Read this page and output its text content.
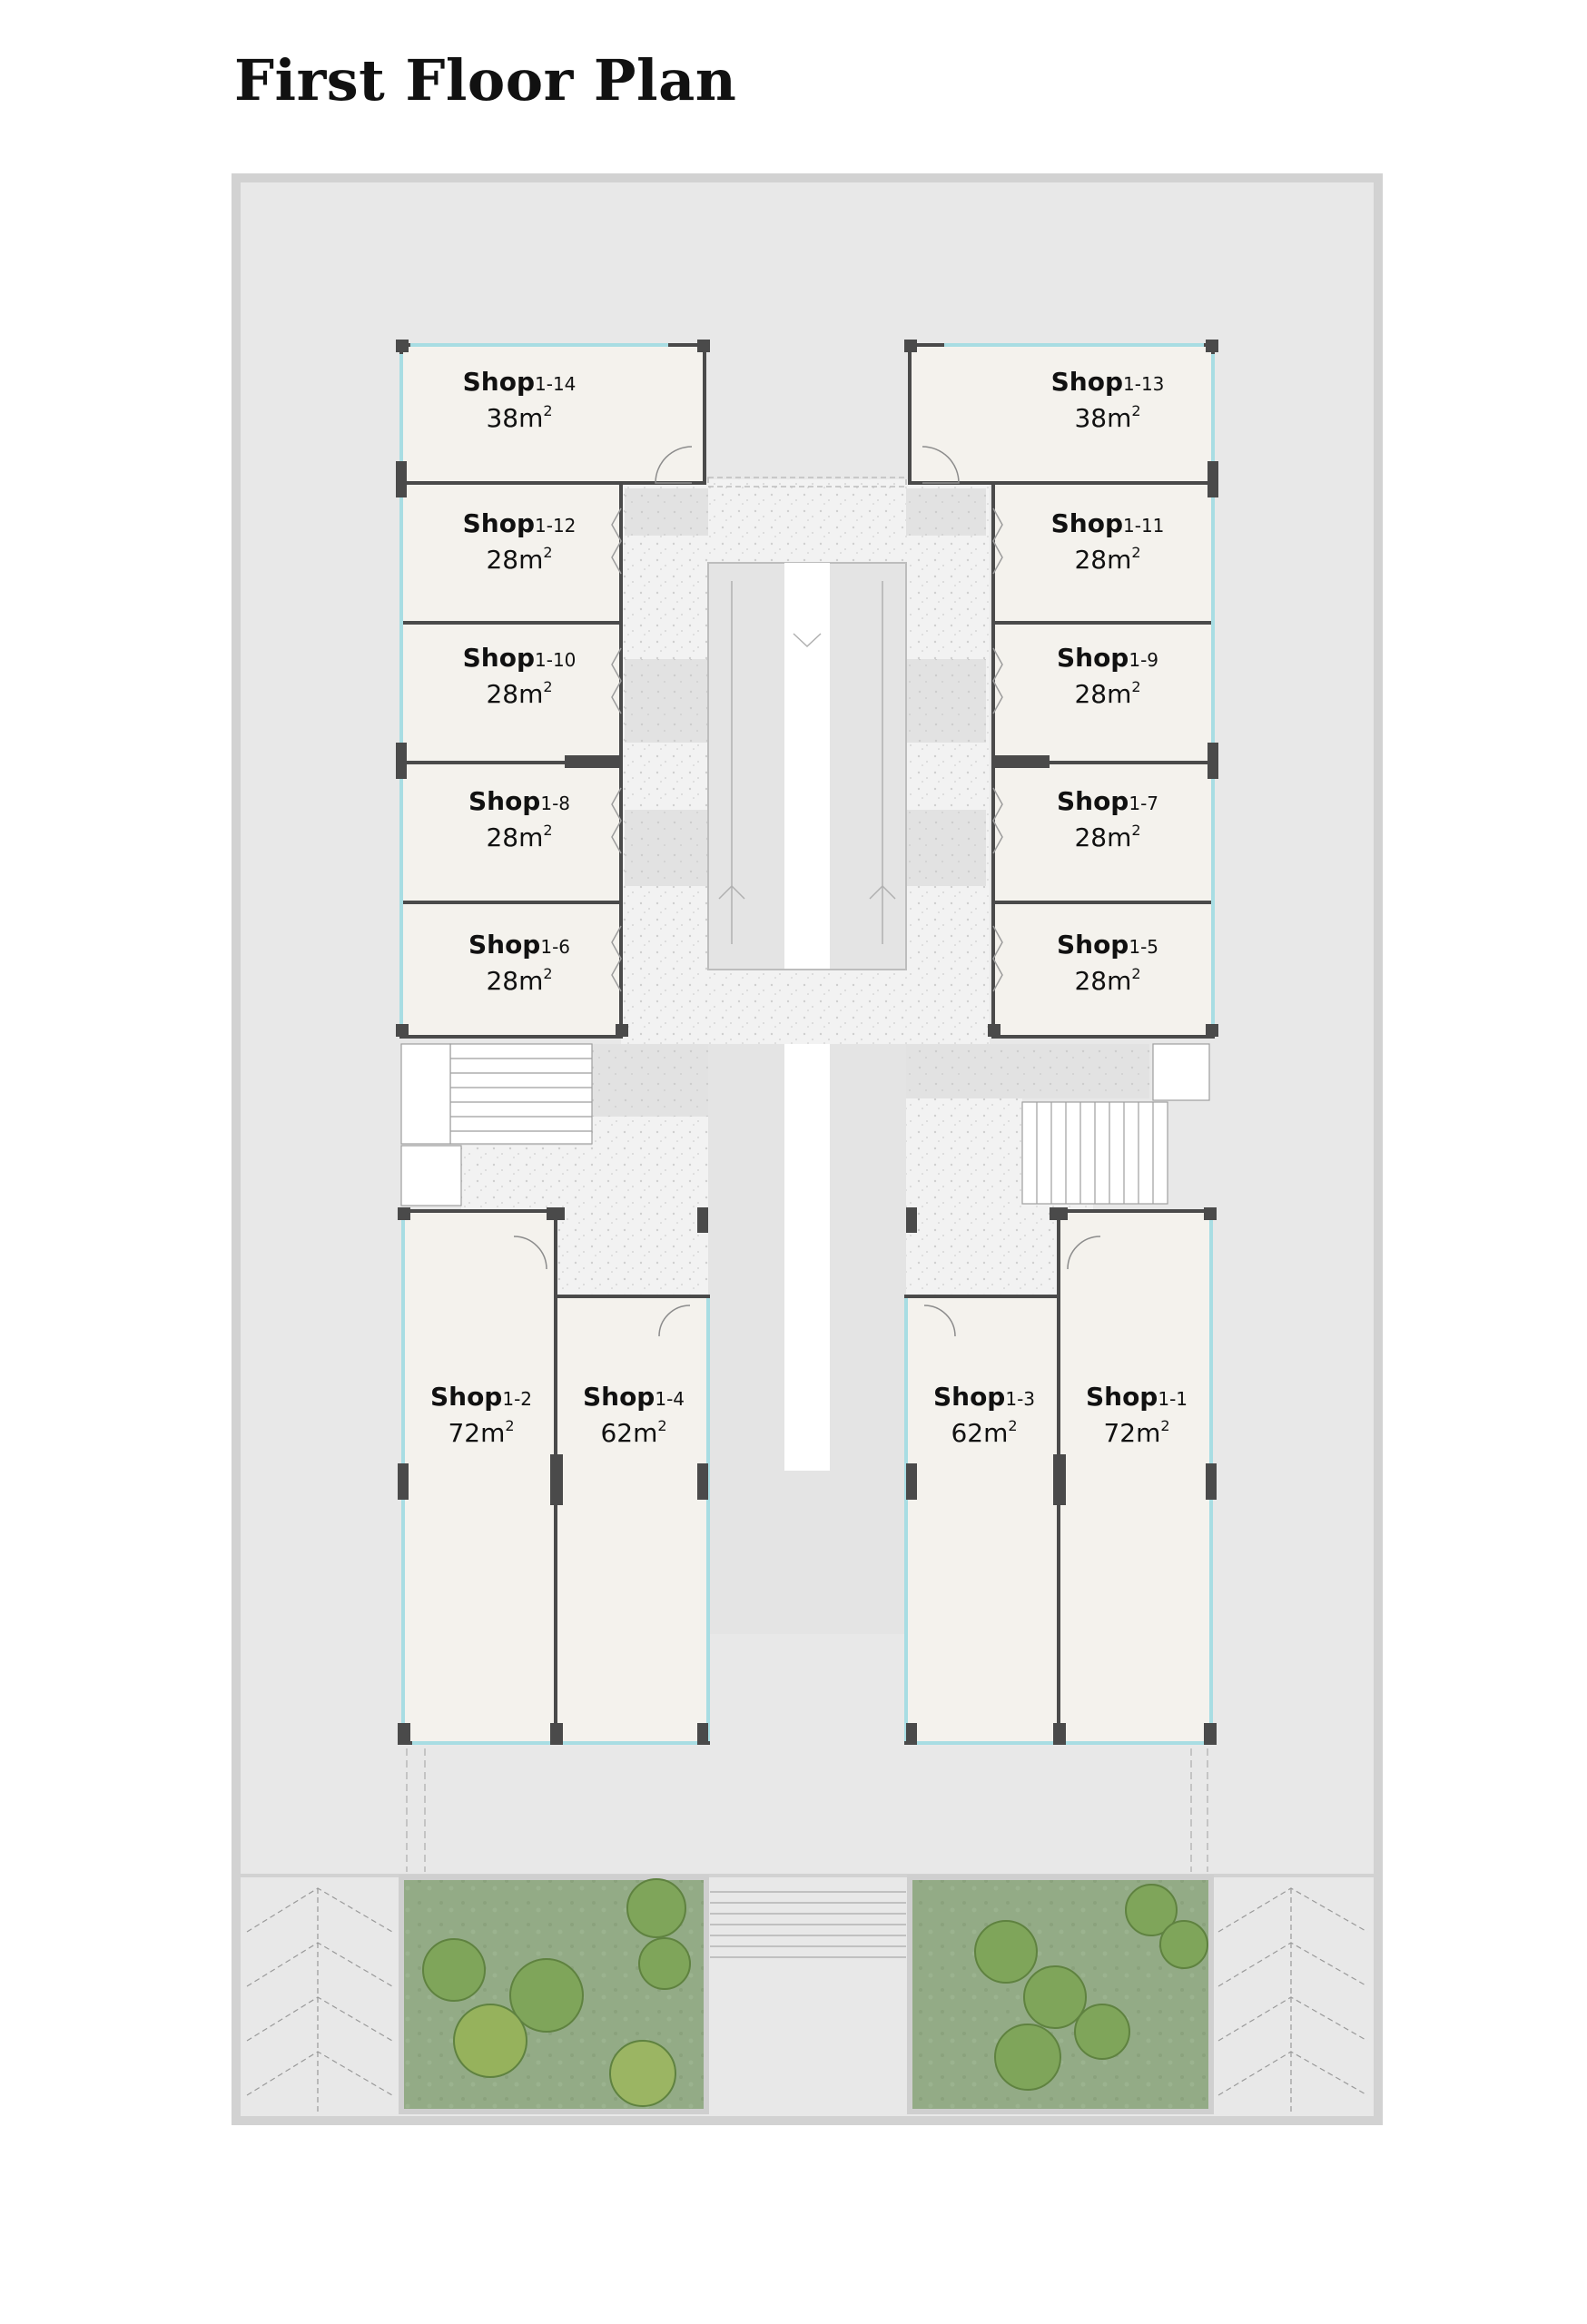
First Floor Plan
Shop1-14
38m2
Shop1-13
38m2
Shop1-12
28m2
Shop1-11
28m2
Shop1-10
28m2
Shop1-9
28m2
Shop1-8
28m2
Shop1-7
28m2
Shop1-6
28m2
Shop1-5
28m2
Shop1-2
72m2
Shop1-4
62m2
Shop1-3
62m2
Shop1-1
72m2
